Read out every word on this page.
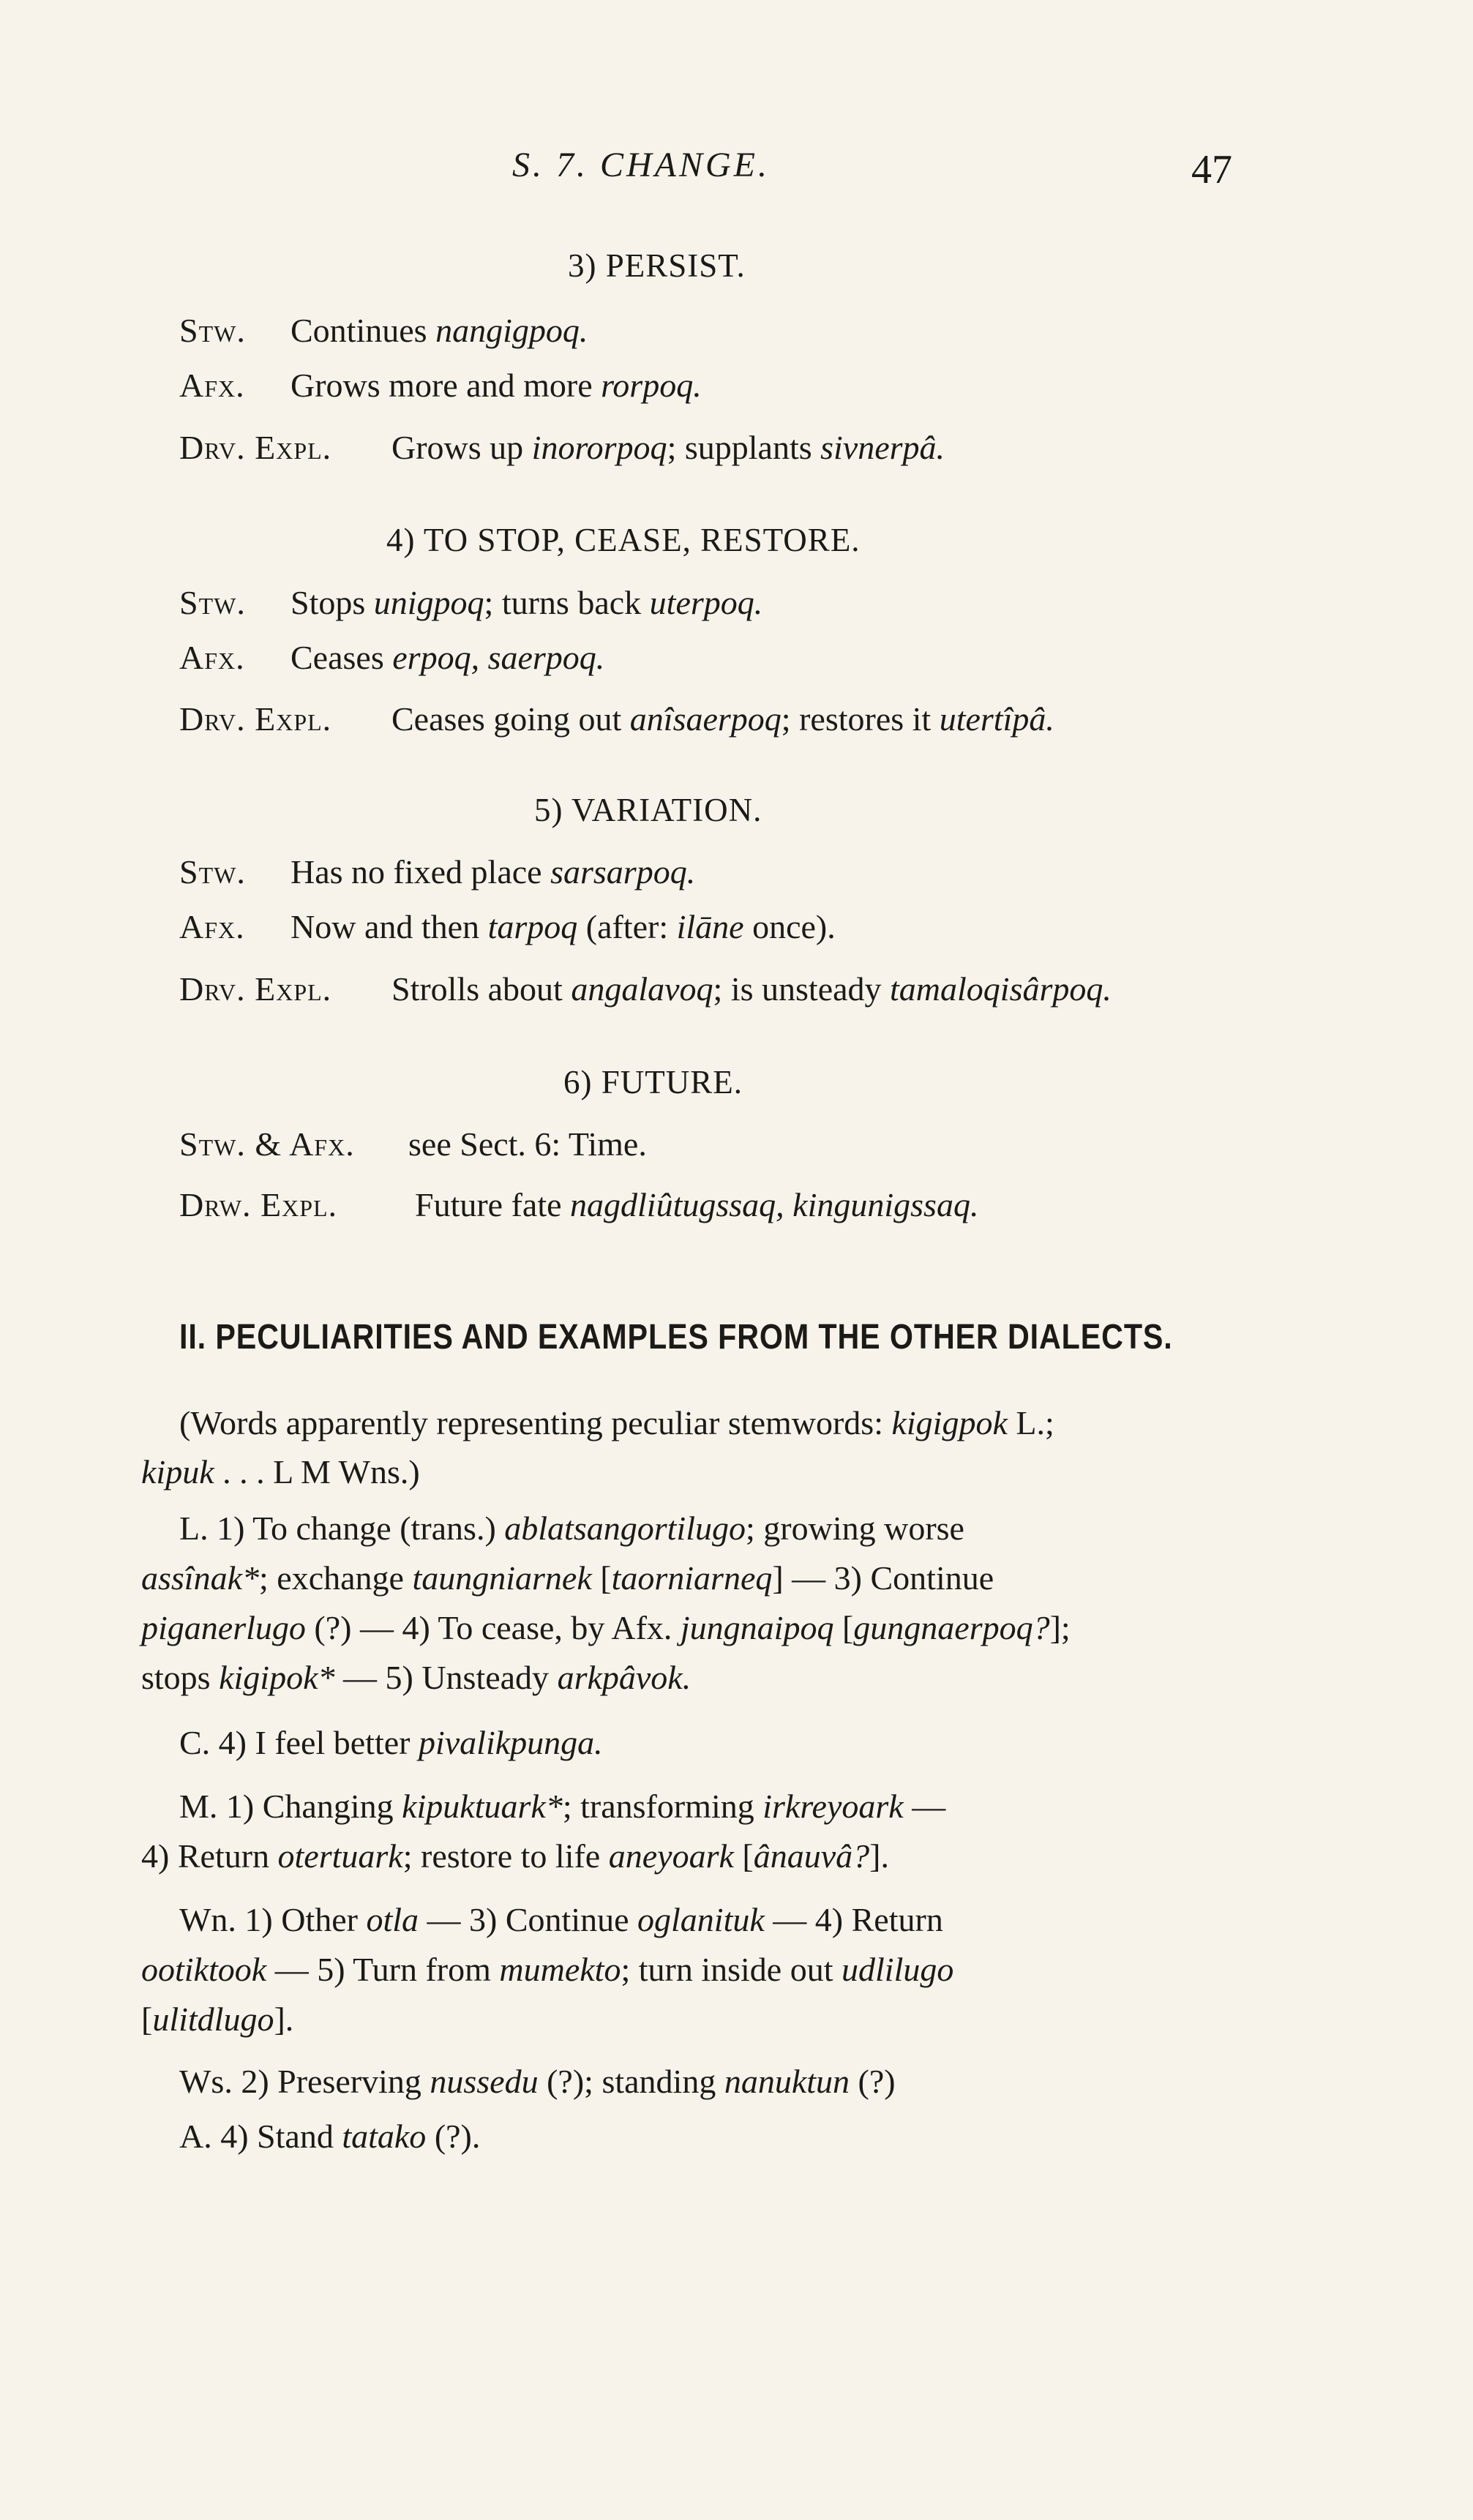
S. 7. CHANGE.	47
3) PERSIST.
Stw. Continues nangigpoq.
Afx. Grows more and more rorpoq.
Drv. Expl. Grows up inororpoq; supplants sivnerpâ.
4) TO STOP, CEASE, RESTORE.
Stw. Stops unigpoq; turns back uterpoq.
Afx. Ceases erpoq, saerpoq.
Drv. Expl. Ceases going out anîsaerpoq; restores it utertîpâ.
5) VARIATION.
Stw. Has no fixed place sarsarpoq.
Afx. Now and then tarpoq (after: ilāne once).
Drv. Expl. Strolls about angalavoq; is unsteady tamaloqisârpoq.
6) FUTURE.
Stw. & Afx. see Sect. 6: Time.
Drw. Expl. Future fate nagdliûtugssaq, kingunigssaq.
II. PECULIARITIES AND EXAMPLES FROM THE OTHER DIALECTS.
(Words apparently representing peculiar stemwords: kigigpok L.;
kipuk . . . L M Wns.)
L. 1) To change (trans.) ablatsangortilugo; growing worse
assînak*; exchange taungniarnek [taorniarneq] — 3) Continue
piganerlugo (?) — 4) To cease, by Afx. jungnaipoq [gungnaerpoq?];
stops kigipok* — 5) Unsteady arkpâvok.
C. 4) I feel better pivalikpunga.
M. 1) Changing kipuktuark*; transforming irkreyoark —
4) Return otertuark; restore to life aneyoark [ânauvâ?].
Wn. 1) Other otla — 3) Continue oglanituk — 4) Return
ootiktook — 5) Turn from mumekto; turn inside out udlilugo
[ulitdlugo].
Ws. 2) Preserving nussedu (?); standing nanuktun (?)
A. 4) Stand tatako (?).
